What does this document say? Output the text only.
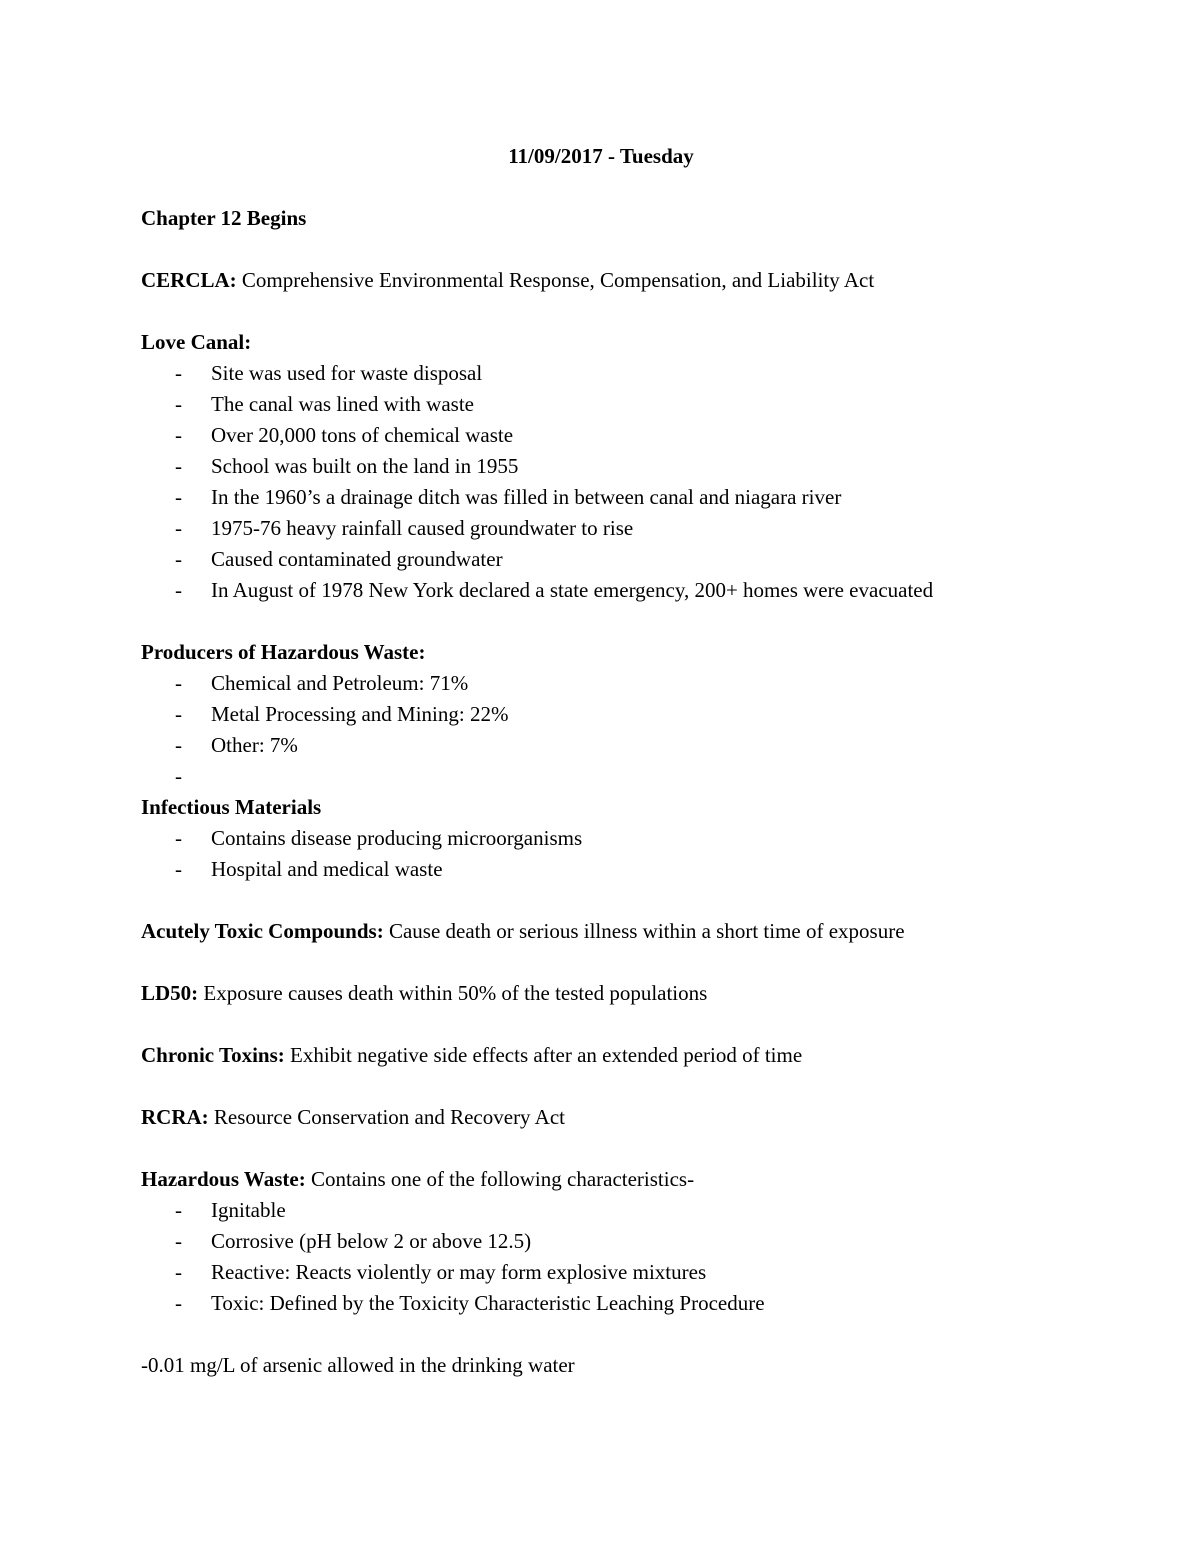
11/09/2017 - Tuesday

Chapter 12 Begins

CERCLA: Comprehensive Environmental Response, Compensation, and Liability Act

Love Canal:

- Site was used for waste disposal
- The canal was lined with waste
- Over 20,000 tons of chemical waste
- School was built on the land in 1955
- In the 1960’s a drainage ditch was filled in between canal and niagara river
- 1975-76 heavy rainfall caused groundwater to rise
- Caused contaminated groundwater
- In August of 1978 New York declared a state emergency, 200+ homes were evacuated

Producers of Hazardous Waste:

- Chemical and Petroleum: 71%
- Metal Processing and Mining: 22%
- Other: 7%
-

Infectious Materials

- Contains disease producing microorganisms
- Hospital and medical waste

Acutely Toxic Compounds: Cause death or serious illness within a short time of exposure

LD50: Exposure causes death within 50% of the tested populations

Chronic Toxins: Exhibit negative side effects after an extended period of time

RCRA: Resource Conservation and Recovery Act

Hazardous Waste: Contains one of the following characteristics-

- Ignitable
- Corrosive (pH below 2 or above 12.5)
- Reactive: Reacts violently or may form explosive mixtures
- Toxic: Defined by the Toxicity Characteristic Leaching Procedure

-0.01 mg/L of arsenic allowed in the drinking water
